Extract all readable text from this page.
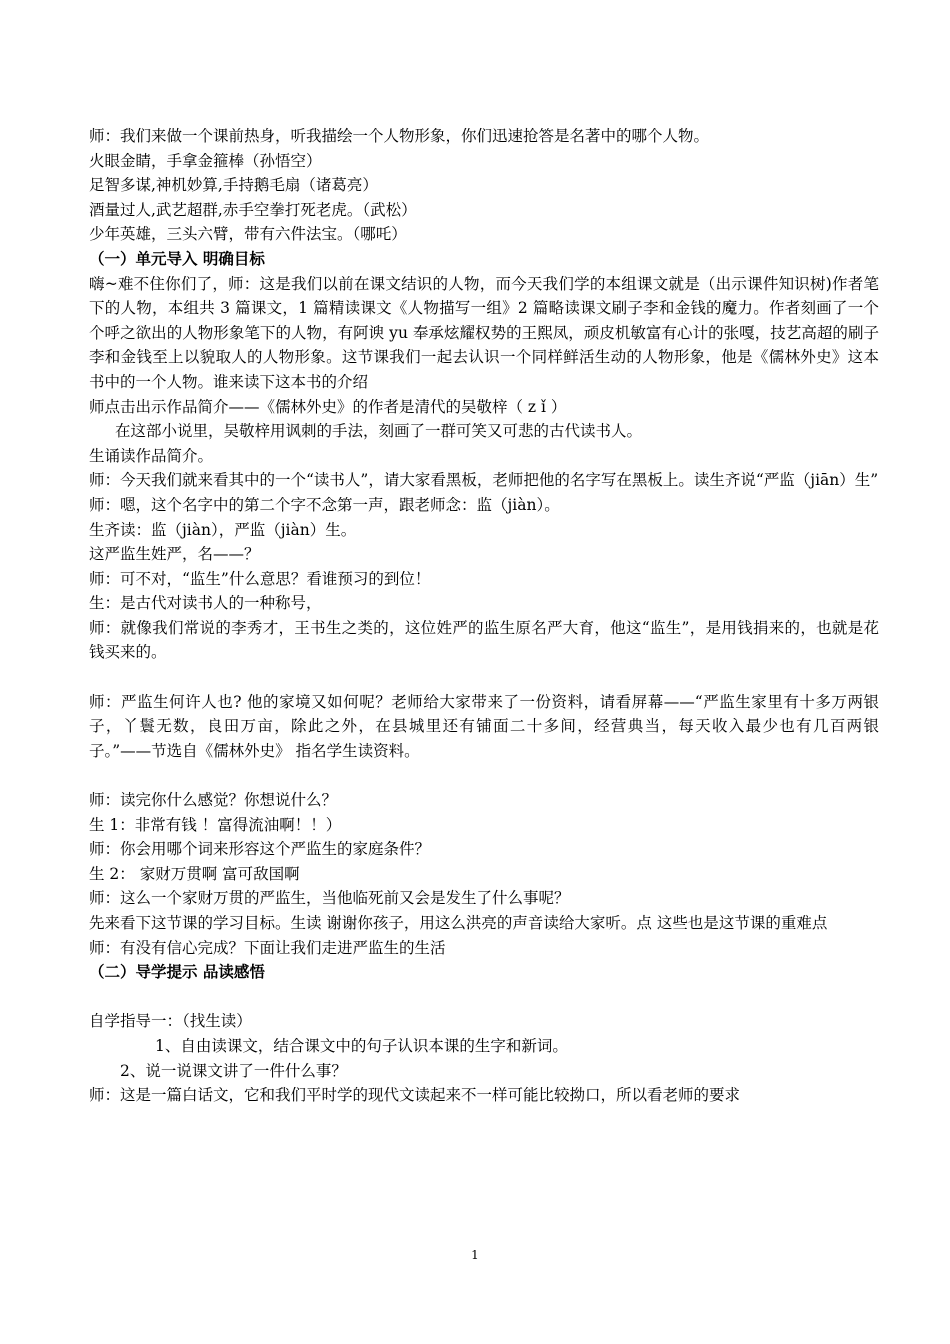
师：我们来做一个课前热身，听我描绘一个人物形象，你们迅速抢答是名著中的哪个人物。

火眼金睛，手拿金箍棒（孙悟空）

足智多谋,神机妙算,手持鹅毛扇（诸葛亮）

酒量过人,武艺超群,赤手空拳打死老虎。（武松）

少年英雄，三头六臂，带有六件法宝。（哪吒）

（一）单元导入 明确目标

嗨~难不住你们了，师：这是我们以前在课文结识的人物，而今天我们学的本组课文就是（出示课件知识树)作者笔下的人物，本组共 3 篇课文，1 篇精读课文《人物描写一组》2 篇略读课文刷子李和金钱的魔力。作者刻画了一个个呼之欲出的人物形象笔下的人物，有阿谀 yu 奉承炫耀权势的王熙凤，顽皮机敏富有心计的张嘎，技艺高超的刷子李和金钱至上以貌取人的人物形象。这节课我们一起去认识一个同样鲜活生动的人物形象，他是《儒林外史》这本书中的一个人物。谁来读下这本书的介绍

师点击出示作品简介——《儒林外史》的作者是清代的吴敬梓（ z ǐ ）

在这部小说里，吴敬梓用讽刺的手法，刻画了一群可笑又可悲的古代读书人。

生诵读作品简介。

师：今天我们就来看其中的一个“读书人”，请大家看黑板，老师把他的名字写在黑板上。读生齐说“严监（jiān）生”

师：嗯，这个名字中的第二个字不念第一声，跟老师念：监（jiàn）。

生齐读：监（jiàn），严监（jiàn）生。

这严监生姓严，名——？

师：可不对，“监生”什么意思？看谁预习的到位！

生：是古代对读书人的一种称号，

师：就像我们常说的李秀才，王书生之类的，这位姓严的监生原名严大育，他这“监生”，是用钱捐来的，也就是花钱买来的。

师：严监生何许人也? 他的家境又如何呢？老师给大家带来了一份资料，请看屏幕——“严监生家里有十多万两银子，丫鬟无数，良田万亩，除此之外，在县城里还有铺面二十多间，经营典当，每天收入最少也有几百两银子。”——节选自《儒林外史》 指名学生读资料。

师：读完你什么感觉？你想说什么？

生 1：非常有钱 ！富得流油啊！！）

师：你会用哪个词来形容这个严监生的家庭条件？

生 2： 家财万贯啊 富可敌国啊

师：这么一个家财万贯的严监生，当他临死前又会是发生了什么事呢？

先来看下这节课的学习目标。生读 谢谢你孩子，用这么洪亮的声音读给大家听。点 这些也是这节课的重难点

师：有没有信心完成？下面让我们走进严监生的生活

（二）导学提示 品读感悟

自学指导一：（找生读）

1、自由读课文，结合课文中的句子认识本课的生字和新词。

2、说一说课文讲了一件什么事？

师：这是一篇白话文，它和我们平时学的现代文读起来不一样可能比较拗口，所以看老师的要求

1
